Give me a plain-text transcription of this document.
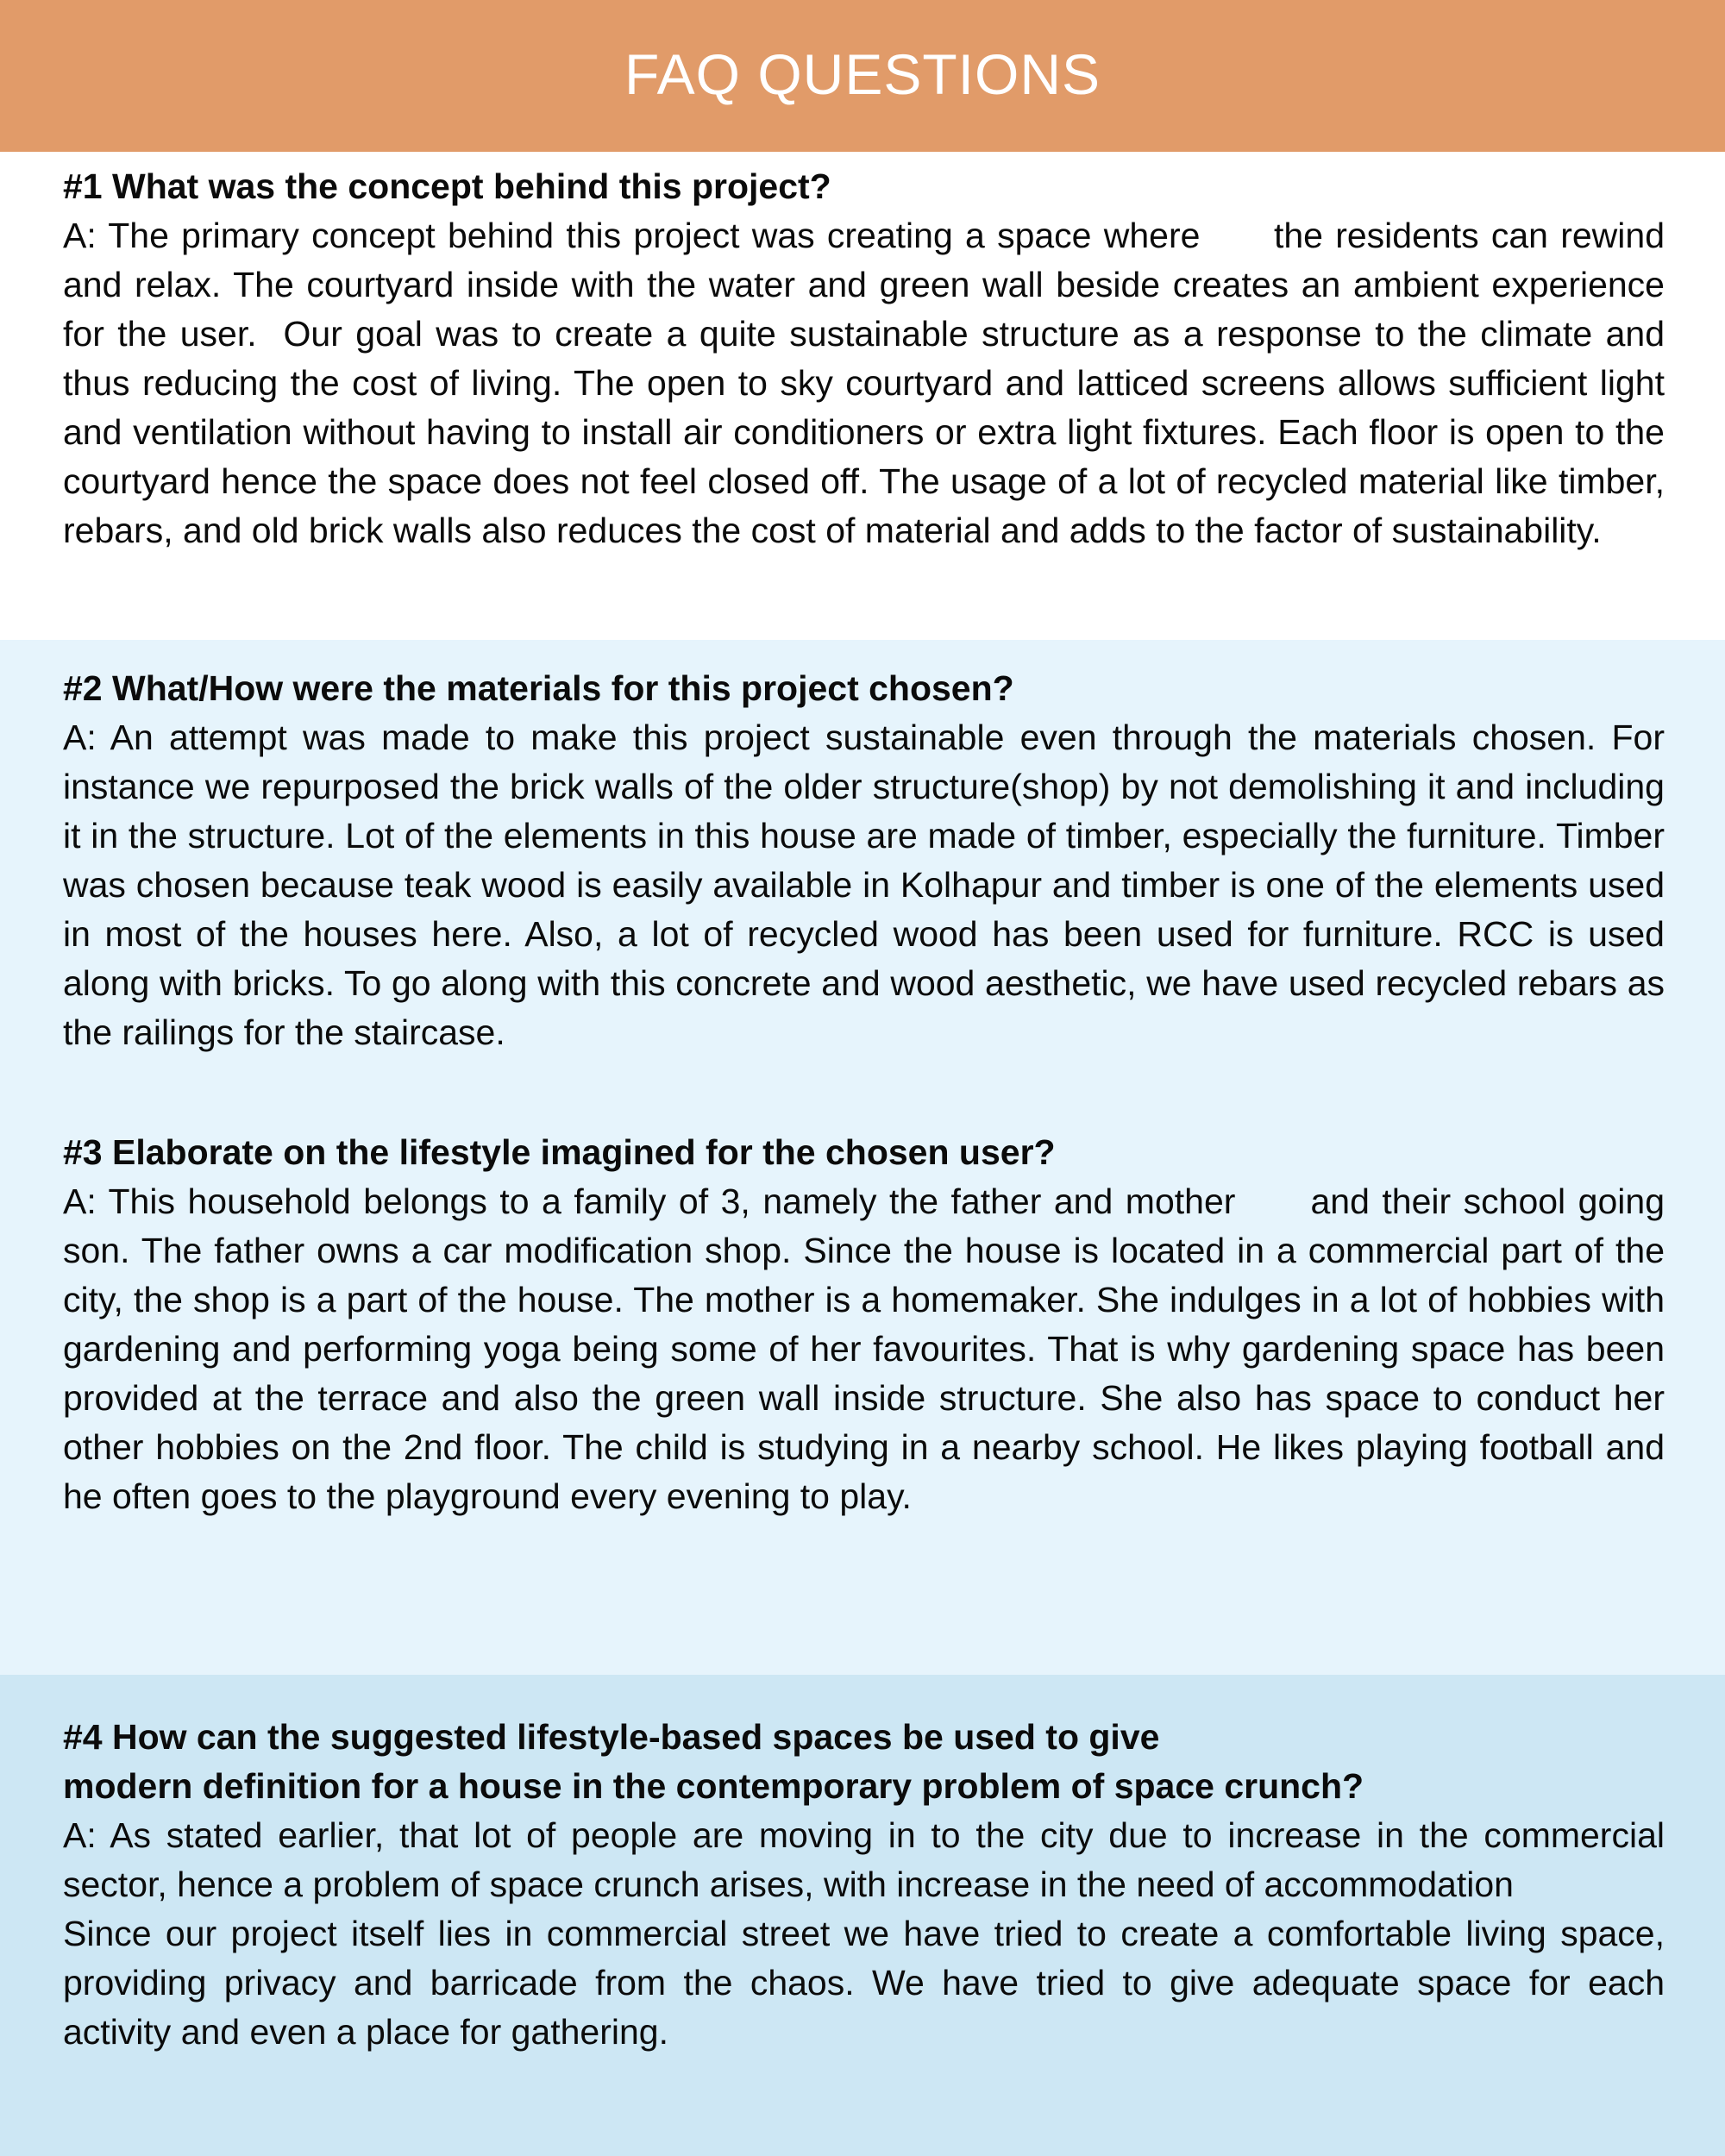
FAQ QUESTIONS

#1 What was the concept behind this project?

A: The primary concept behind this project was creating a space where      the residents can rewind and relax. The courtyard inside with the water and green wall beside creates an ambient experience for the user.  Our goal was to create a quite sustainable structure as a response to the climate and thus reducing the cost of living. The open to sky courtyard and latticed screens allows sufficient light and ventilation without having to install air conditioners or extra light fixtures. Each floor is open to the courtyard hence the space does not feel closed off. The usage of a lot of recycled material like timber, rebars, and old brick walls also reduces the cost of material and adds to the factor of sustainability.

#2 What/How were the materials for this project chosen?

A: An attempt was made to make this project sustainable even through the materials chosen. For instance we repurposed the brick walls of the older structure(shop) by not demolishing it and including it in the structure. Lot of the elements in this house are made of timber, especially the furniture. Timber was chosen because teak wood is easily available in Kolhapur and timber is one of the elements used in most of the houses here. Also, a lot of recycled wood has been used for furniture. RCC is used along with bricks. To go along with this concrete and wood aesthetic, we have used recycled rebars as the railings for the staircase.

#3 Elaborate on the lifestyle imagined for the chosen user?

A: This household belongs to a family of 3, namely the father and mother      and their school going son. The father owns a car modification shop. Since the house is located in a commercial part of the city, the shop is a part of the house. The mother is a homemaker. She indulges in a lot of hobbies with gardening and performing yoga being some of her favourites. That is why gardening space has been provided at the terrace and also the green wall inside structure. She also has space to conduct her other hobbies on the 2nd floor. The child is studying in a nearby school. He likes playing football and he often goes to the playground every evening to play.

#4 How can the suggested lifestyle-based spaces be used to give

modern definition for a house in the contemporary problem of space crunch?

A: As stated earlier, that lot of people are moving in to the city due to increase in the commercial sector, hence a problem of space crunch arises, with increase in the need of accommodation

Since our project itself lies in commercial street we have tried to create a comfortable living space, providing privacy and barricade from the chaos. We have tried to give adequate space for each activity and even a place for gathering.
